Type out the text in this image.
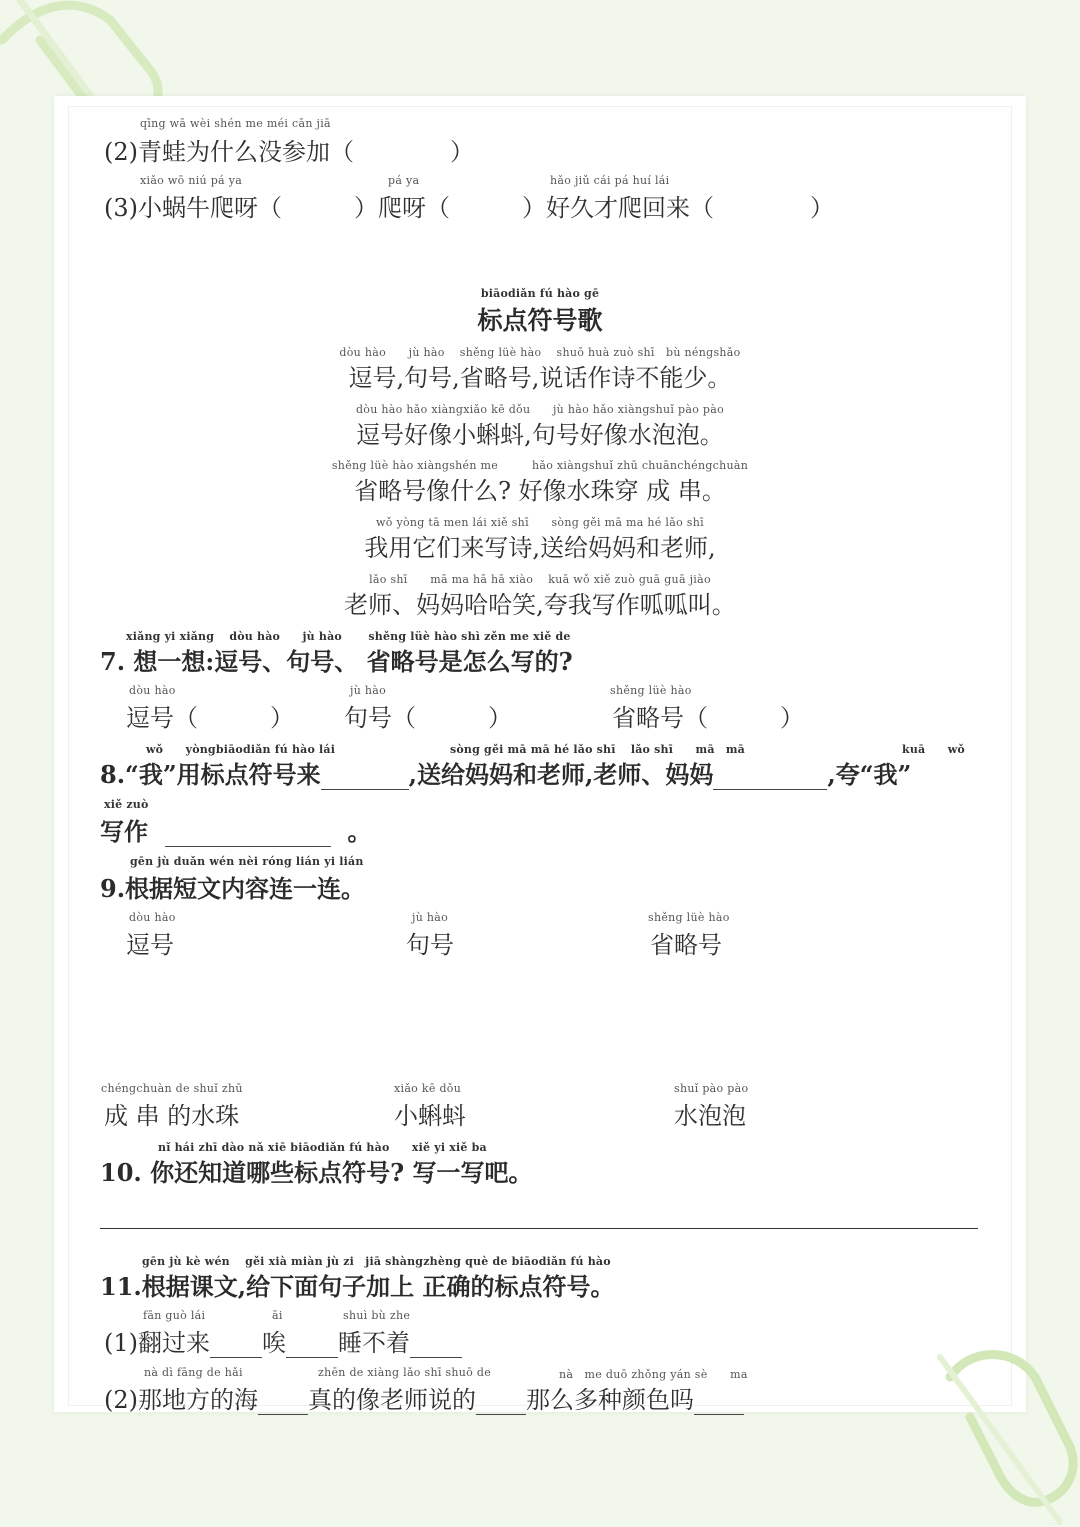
qīng wā wèi shén me méi cān jiā
(2)青蛙为什么没参加（　　　　）
xiǎo wō niú pá ya	pá ya	hǎo jiǔ cái pá huí lái
(3)小蜗牛爬呀（　　　）爬呀（　　　）好久才爬回来（　　　　）
biāodiǎn fú hào gē
标点符号歌
dòu hào　　jù hào　 shěng lüè hào　 shuō huà zuò shī　bù néngshǎo
逗号,句号,省略号,说话作诗不能少。
dòu hào hǎo xiàngxiǎo kē dǒu　　jù hào hǎo xiàngshuǐ pào pào
逗号好像小蝌蚪,句号好像水泡泡。
shěng lüè hào xiàngshén me　　　hǎo xiàngshuǐ zhū chuānchéngchuàn
省略号像什么? 好像水珠穿 成 串。
wǒ yòng tā men lái xiě shī　　sòng gěi mā ma hé lǎo shī
我用它们来写诗,送给妈妈和老师,
lǎo shī　　mā ma hā hā xiào　 kuā wǒ xiě zuò guā guā jiào
老师、妈妈哈哈笑,夸我写作呱呱叫。
xiǎng yi xiǎng　 dòu hào　　jù hào　　 shěng lüè hào shì zěn me xiě de
7. 想一想:逗号、句号、 省略号是怎么写的?
dòu hào
逗号（　　　）
jù hào
句号（　　　）
shěng lüè hào
省略号（　　　）
wǒ　　yòngbiāodiǎn fú hào lái	sòng gěi mā mā hé lǎo shī　 lǎo shī　　mā　mā	kuā　　wǒ
8.“我”用标点符号来	,送给妈妈和老师,老师、妈妈	,夸“我”
xiě zuò
写作	。
gēn jù duǎn wén nèi róng lián yi lián
9.根据短文内容连一连。
dòu hào
逗号
jù hào
句号
shěng lüè hào
省略号
chéngchuàn de shuǐ zhū
成 串 的水珠
xiǎo kē dǒu
小蝌蚪
shuǐ pào pào
水泡泡
nǐ hái zhī dào nǎ xiē biāodiǎn fú hào　　xiě yi xiě ba
10. 你还知道哪些标点符号? 写一写吧。
gēn jù kè wén　 gěi xià miàn jù zi　jiā shàngzhèng què de biāodiǎn fú hào
11.根据课文,给下面句子加上 正确的标点符号。
fān guò lái	āi	shuì bù zhe
(1)翻过来 唉 睡不着
nà dì fāng de hǎi	zhēn de xiàng lǎo shī shuō de	nà　me duō zhǒng yán sè　　ma
(2)那地方的海 真的像老师说的 那么多种颜色吗
